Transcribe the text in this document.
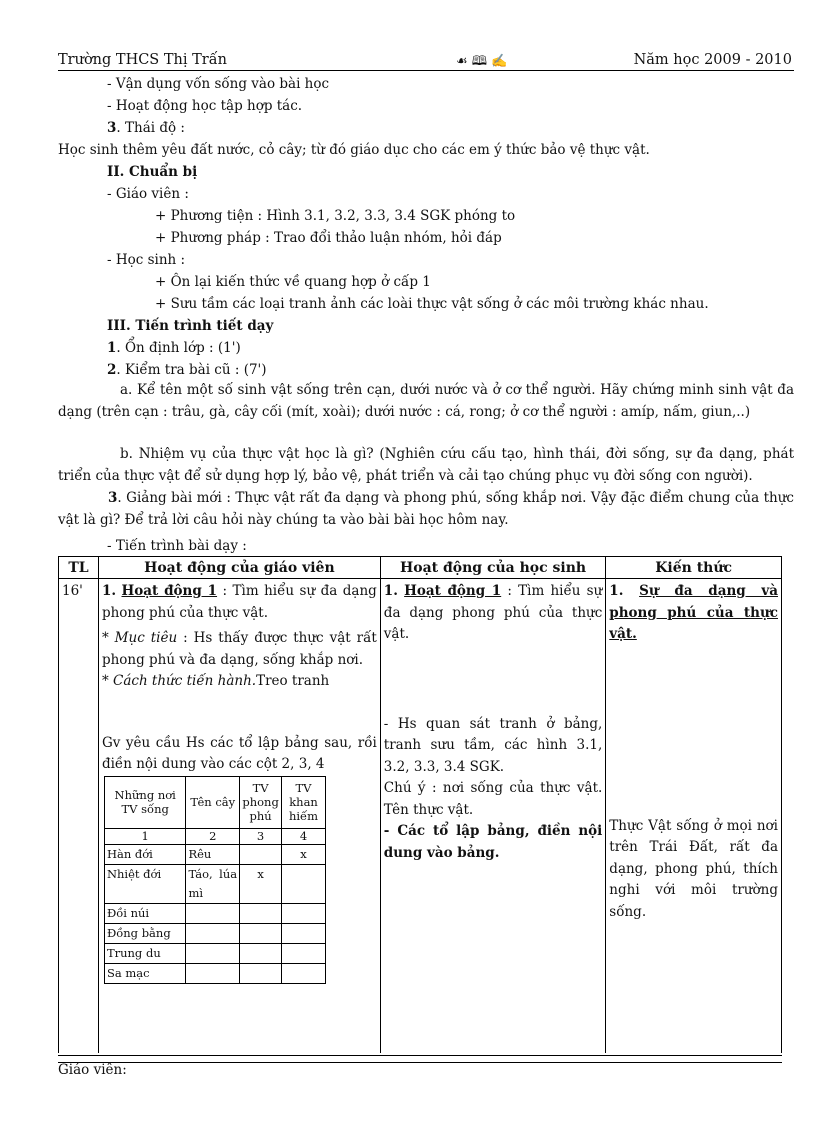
Trường THCS Thị Trấn	☙ 🕮 ✍	Năm học 2009 - 2010
- Vận dụng vốn sống vào bài học
- Hoạt động học tập hợp tác.
3. Thái độ :
Học sinh thêm yêu đất nước, cỏ cây; từ đó giáo dục cho các em ý thức bảo vệ thực vật.
II. Chuẩn bị
- Giáo viên :
+ Phương tiện : Hình 3.1, 3.2, 3.3, 3.4 SGK phóng to
+ Phương pháp : Trao đổi thảo luận nhóm, hỏi đáp
- Học sinh :
+ Ôn lại kiến thức về quang hợp ở cấp 1
+ Sưu tầm các loại tranh ảnh các loài thực vật sống ở các môi trường khác nhau.
III. Tiến trình tiết dạy
1. Ổn định lớp : (1')
2. Kiểm tra bài cũ : (7')
a. Kể tên một số sinh vật sống trên cạn, dưới nước và ở cơ thể người. Hãy chứng minh sinh vật đa dạng (trên cạn : trâu, gà, cây cối (mít, xoài); dưới nước : cá, rong; ở cơ thể người : amíp, nấm, giun,..)
b. Nhiệm vụ của thực vật học là gì? (Nghiên cứu cấu tạo, hình thái, đời sống, sự đa dạng, phát triển của thực vật để sử dụng hợp lý, bảo vệ, phát triển và cải tạo chúng phục vụ đời sống con người).
3. Giảng bài mới : Thực vật rất đa dạng và phong phú, sống khắp nơi. Vậy đặc điểm chung của thực vật là gì? Để trả lời câu hỏi này chúng ta vào bài bài học hôm nay.
- Tiến trình bài dạy :
TL	Hoạt động của giáo viên	Hoạt động của học sinh	Kiến thức
16'	1. Hoạt động 1 : Tìm hiểu sự đa dạng phong phú của thực vật.
* Mục tiêu : Hs thấy được thực vật rất phong phú và đa dạng, sống khắp nơi.
* Cách thức tiến hành.Treo tranh
Gv yêu cầu Hs các tổ lập bảng sau, rồi điền nội dung vào các cột 2, 3, 4
Những nơi TV sống	Tên cây	TV phong phú	TV khan hiếm
1	2	3	4
Hàn đới	Rêu		x
Nhiệt đới	Táo, lúa mì	x	
Đồi núi			
Đồng bằng			
Trung du			
Sa mạc			

1. Hoạt động 1 : Tìm hiểu sự đa dạng phong phú của thực vật.
- Hs quan sát tranh ở bảng, tranh sưu tầm, các hình 3.1, 3.2, 3.3, 3.4 SGK.
Chú ý : nơi sống của thực vật. Tên thực vật.
- Các tổ lập bảng, điền nội dung vào bảng.

1. Sự đa dạng và phong phú của thực vật.
Thực Vật sống ở mọi nơi trên Trái Đất, rất đa dạng, phong phú, thích nghi với môi trường sống.
Giáo viên:
